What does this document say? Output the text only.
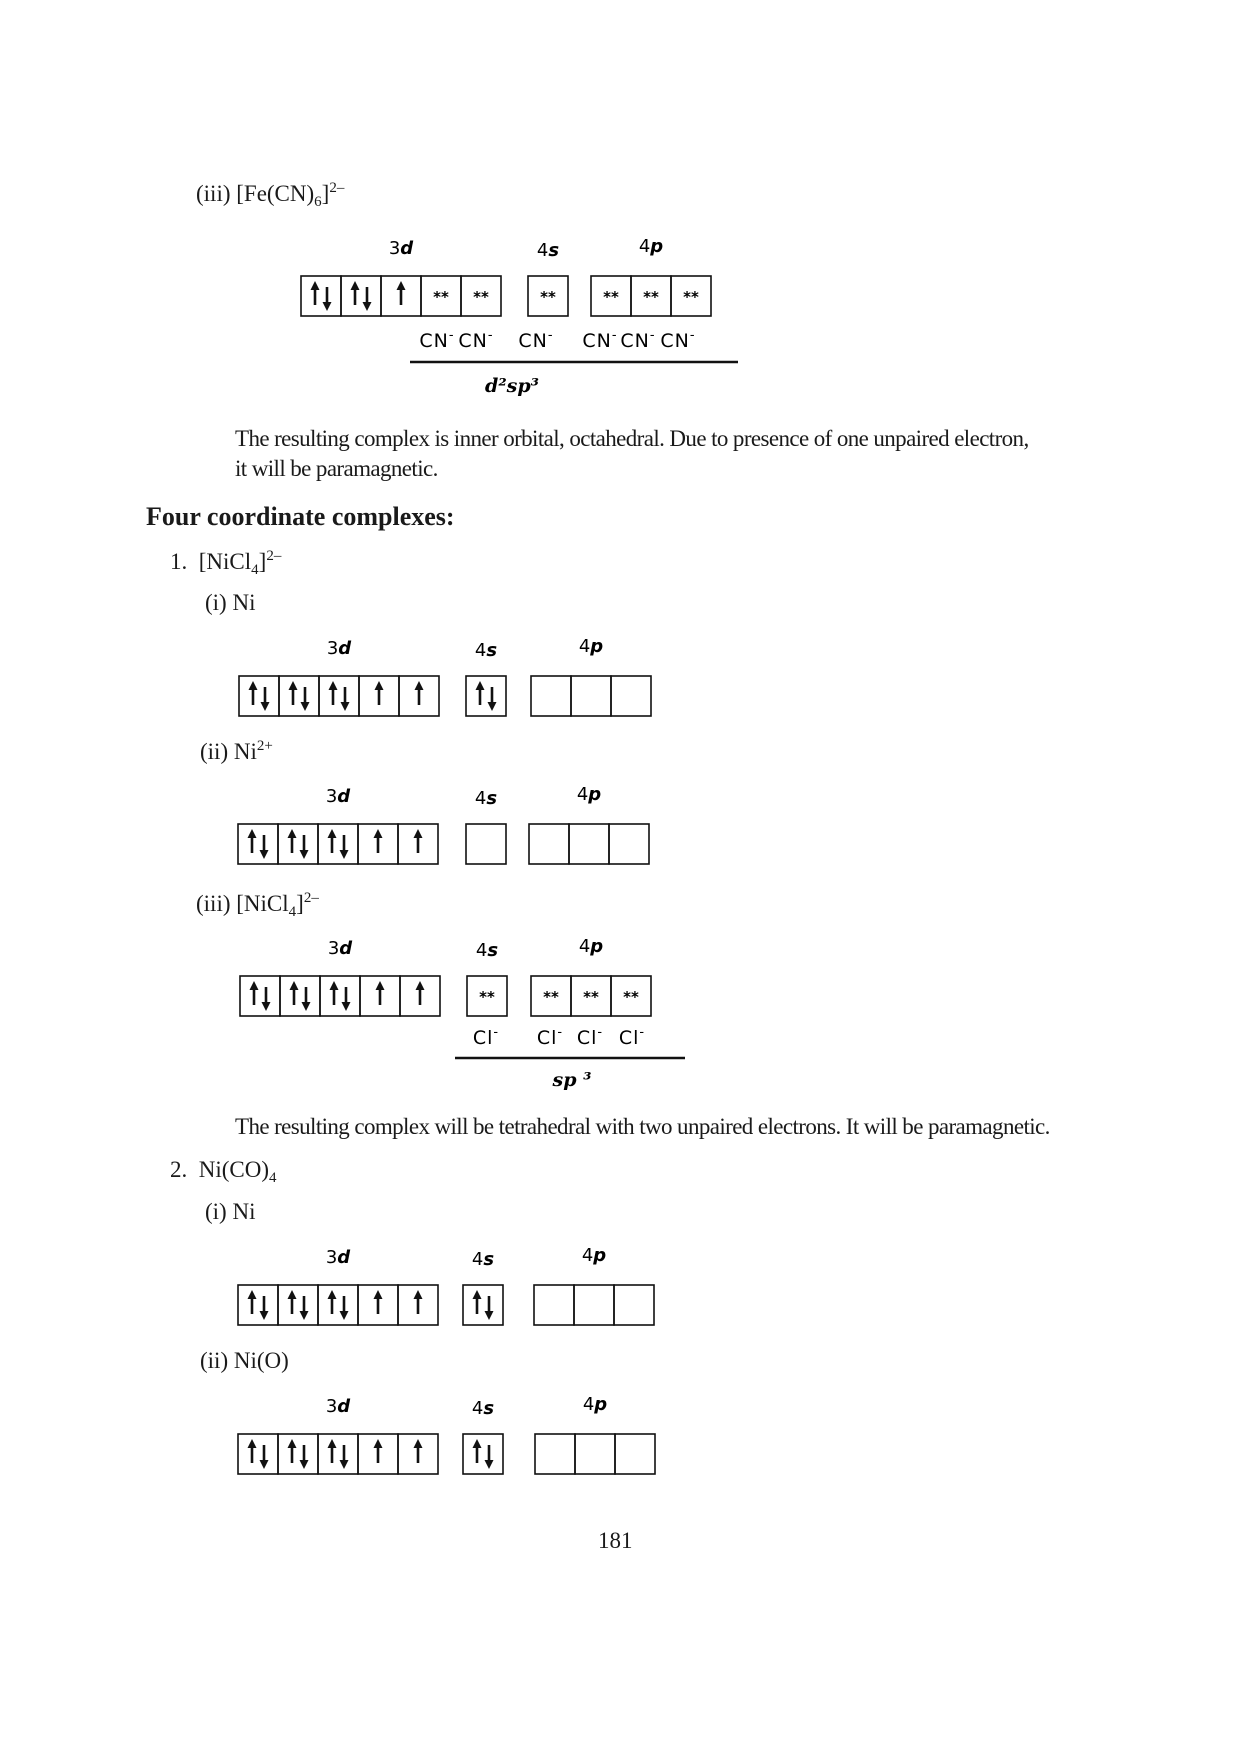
(iii) $[Fe(CN)_6]^{2-}$
3d	4s	4p
** **	**	** ** **
CN- CN- CN- CN- CN- CN-
d²sp³
The resulting complex is inner orbital, octahedral. Due to presence of one unpaired electron,
it will be paramagnetic.
Four coordinate complexes:
1. [NiCl$_4$]$^{2-}$
(i) Ni
(ii) $Ni^{2+}$
(iii) [NiCl$_4$]$^{2-}$
The resulting complex will be tetrahedral with two unpaired electrons. It will be paramagnetic.
2. $Ni(CO)_4$
(i) Ni
(ii) Ni(O)
3d	4s	4p
3d	4s	4p
3d	4s	4p
**	** ** **
Cl- Cl- Cl- Cl-
sp ³
3d	4s	4p
3d	4s	4p
181
